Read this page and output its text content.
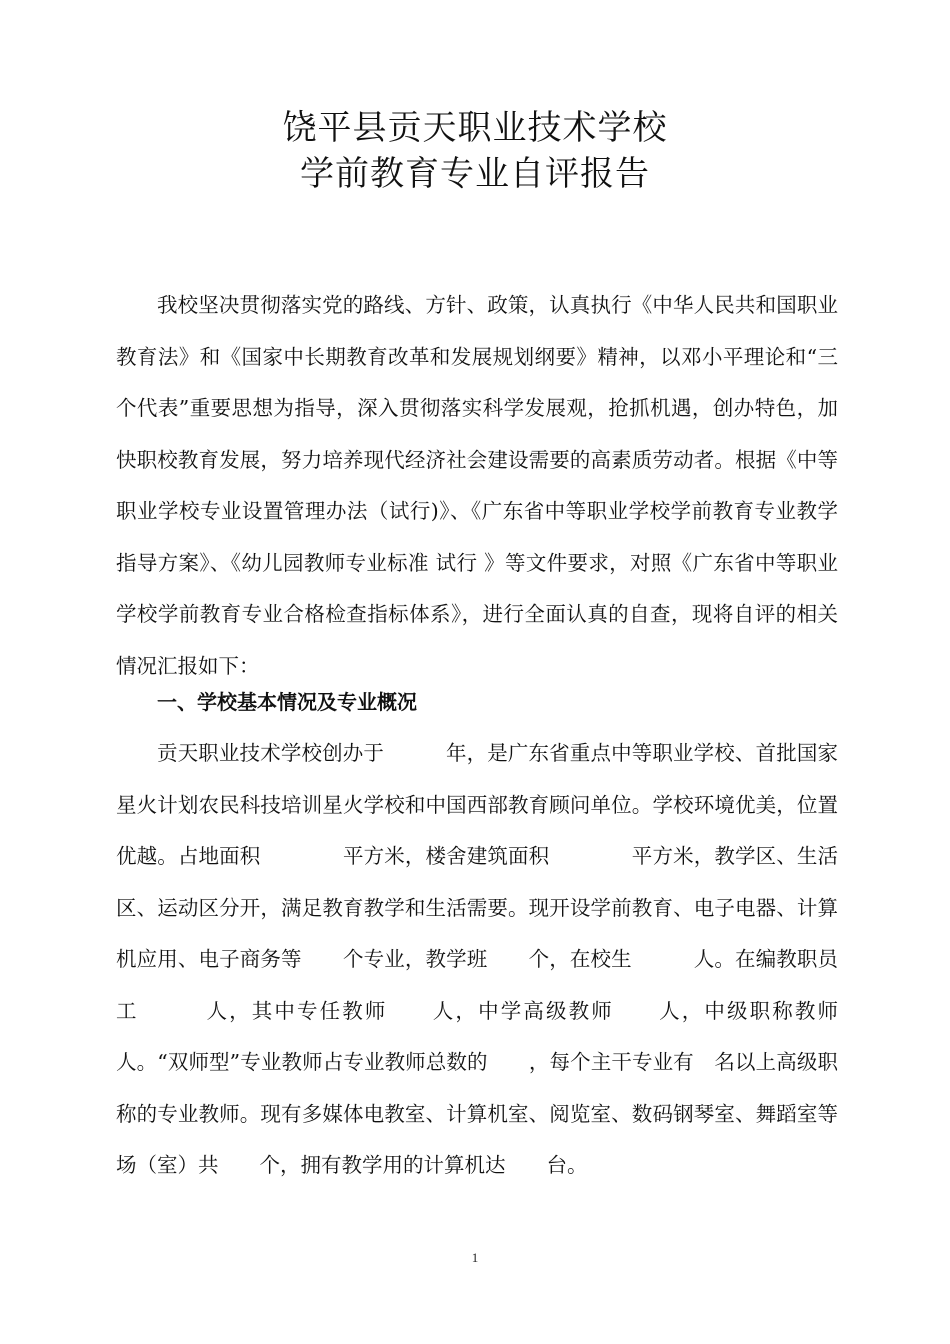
饶平县贡天职业技术学校
学前教育专业自评报告
我校坚决贯彻落实党的路线、方针、政策，认真执行《中华人民共和国职业教育法》和《国家中长期教育改革和发展规划纲要》精神，以邓小平理论和“三个代表”重要思想为指导，深入贯彻落实科学发展观，抢抓机遇，创办特色，加快职校教育发展，努力培养现代经济社会建设需要的高素质劳动者。根据《中等职业学校专业设置管理办法（试行)》、《广东省中等职业学校学前教育专业教学指导方案》、《幼儿园教师专业标准 试行 》等文件要求，对照《广东省中等职业学校学前教育专业合格检查指标体系》，进行全面认真的自查，现将自评的相关情况汇报如下：
一、学校基本情况及专业概况
贡天职业技术学校创办于　　　年，是广东省重点中等职业学校、首批国家星火计划农民科技培训星火学校和中国西部教育顾问单位。学校环境优美，位置优越。占地面积　　　　平方米，楼舍建筑面积　　　　平方米，教学区、生活区、运动区分开，满足教育教学和生活需要。现开设学前教育、电子电器、计算机应用、电子商务等　　个专业，教学班　　个，在校生　　　人。在编教职员工　　　人，其中专任教师　　人，中学高级教师　　人，中级职称教师　　人。“双师型”专业教师占专业教师总数的　　，每个主干专业有　名以上高级职称的专业教师。现有多媒体电教室、计算机室、阅览室、数码钢琴室、舞蹈室等场（室）共　　个，拥有教学用的计算机达　　台。
1
